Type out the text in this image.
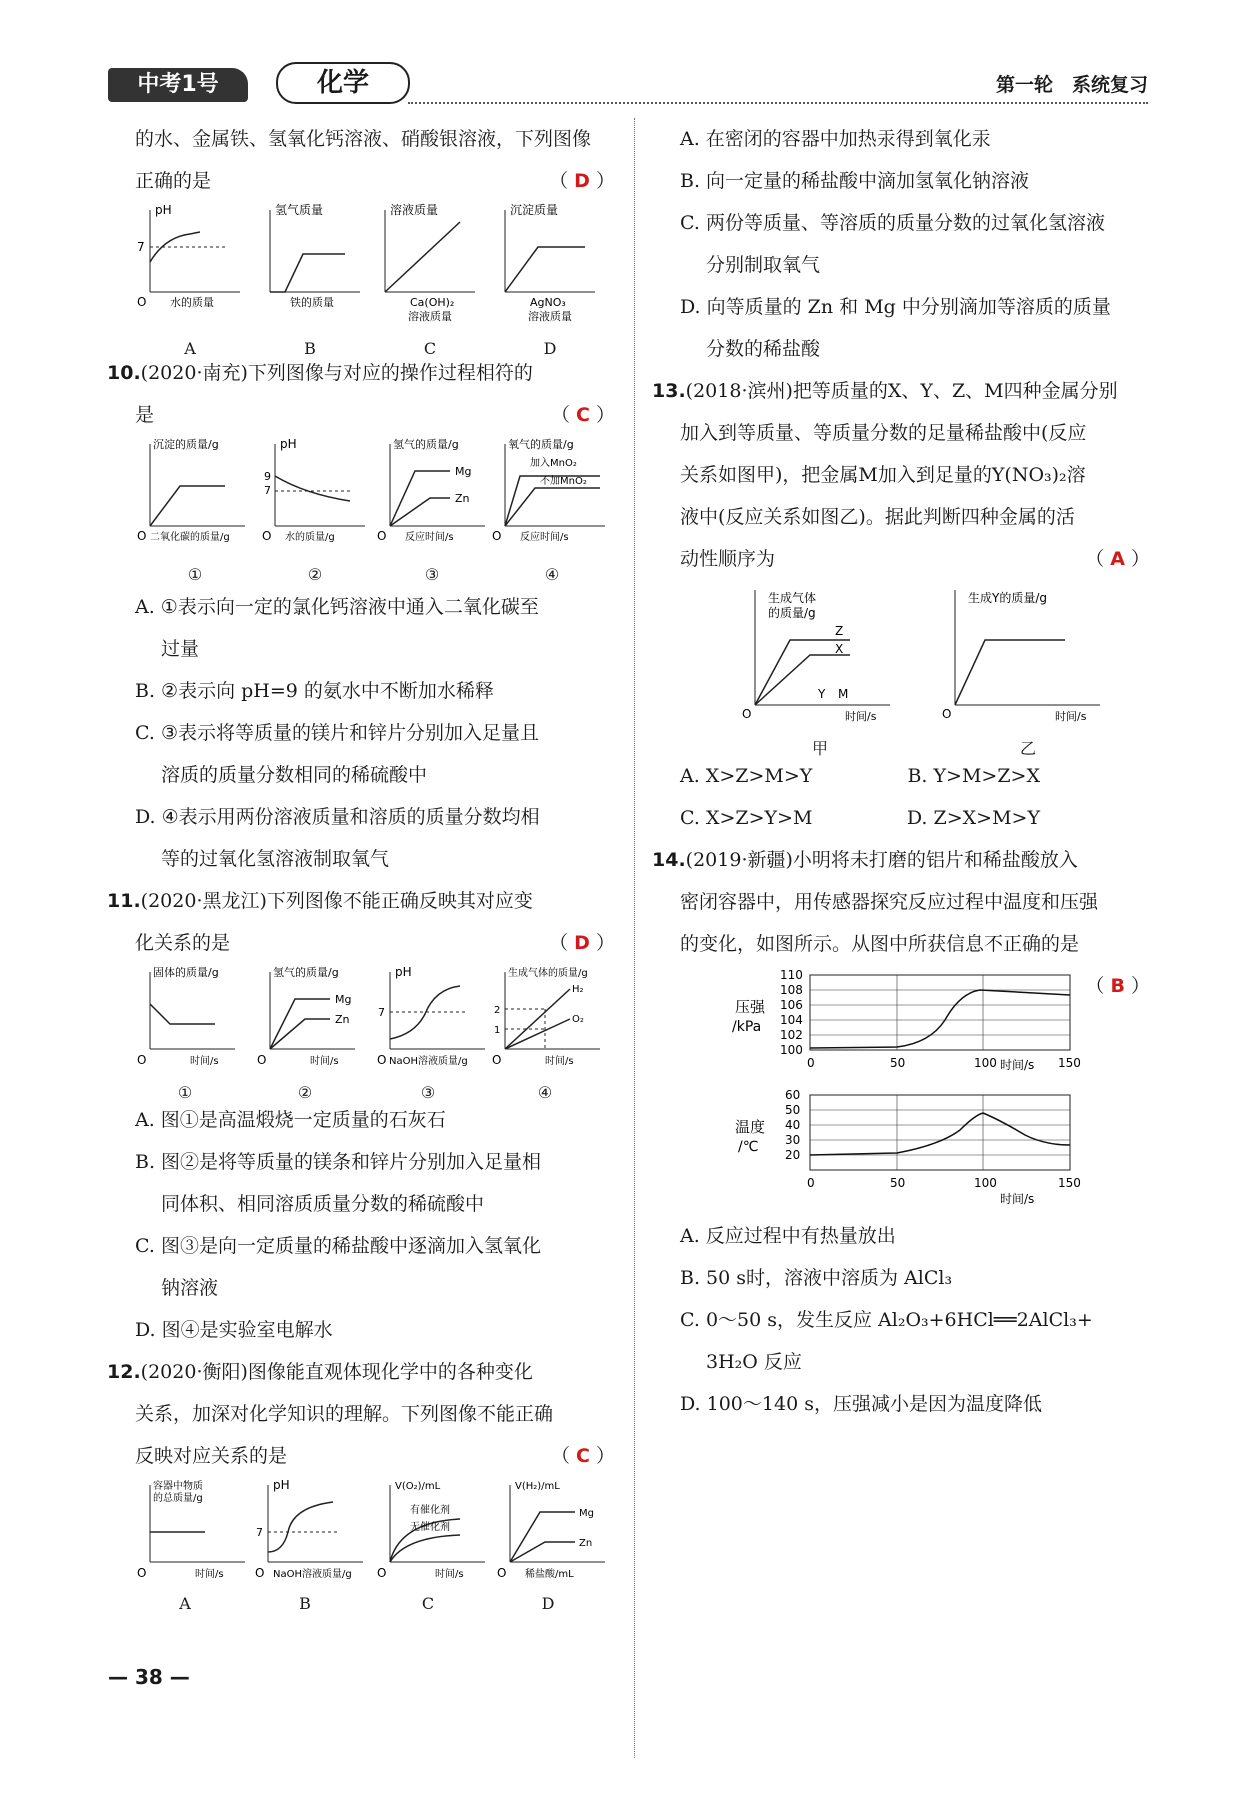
中考1号	化学	第一轮　系统复习

的水、金属铁、氢氧化钙溶液、硝酸银溶液，下列图像

正确的是	（ D ）

pH
7
O 水的质量
氢气质量
铁的质量
溶液质量
Ca(OH)₂
溶液质量
沉淀质量
AgNO₃
溶液质量
A	B	C	D

10.(2020·南充)下列图像与对应的操作过程相符的

是	（ C ）

沉淀的质量/g
O 二氧化碳的质量/g
pH
9
7
O 水的质量/g
氢气的质量/g
Mg
Zn
O 反应时间/s
氧气的质量/g
加入MnO₂
不加MnO₂
O 反应时间/s
①	②	③	④

A. ①表示向一定的氯化钙溶液中通入二氧化碳至

过量

B. ②表示向 pH=9 的氨水中不断加水稀释

C. ③表示将等质量的镁片和锌片分别加入足量且

溶质的质量分数相同的稀硫酸中

D. ④表示用两份溶液质量和溶质的质量分数均相

等的过氧化氢溶液制取氧气

11.(2020·黑龙江)下列图像不能正确反映其对应变

化关系的是	（ D ）

固体的质量/g
O	时间/s
氢气的质量/g
Mg
Zn
O	时间/s
pH
7
O NaOH溶液质量/g
生成气体的质量/g
H₂
O₂
2
1
O	时间/s
①	②	③	④

A. 图①是高温煅烧一定质量的石灰石

B. 图②是将等质量的镁条和锌片分别加入足量相

同体积、相同溶质质量分数的稀硫酸中

C. 图③是向一定质量的稀盐酸中逐滴加入氢氧化

钠溶液

D. 图④是实验室电解水

12.(2020·衡阳)图像能直观体现化学中的各种变化

关系，加深对化学知识的理解。下列图像不能正确

反映对应关系的是	（ C ）

容器中物质
的总质量/g
O	时间/s
pH
7
O NaOH溶液质量/g
V(O₂)/mL
有催化剂
无催化剂
O	时间/s
V(H₂)/mL
Mg
Zn
O 稀盐酸/mL
A	B	C	D

A. 在密闭的容器中加热汞得到氧化汞

B. 向一定量的稀盐酸中滴加氢氧化钠溶液

C. 两份等质量、等溶质的质量分数的过氧化氢溶液

分别制取氧气

D. 向等质量的 Zn 和 Mg 中分别滴加等溶质的质量

分数的稀盐酸

13.(2018·滨州)把等质量的X、Y、Z、M四种金属分别

加入到等质量、等质量分数的足量稀盐酸中(反应

关系如图甲)，把金属M加入到足量的Y(NO₃)₂溶

液中(反应关系如图乙)。据此判断四种金属的活

动性顺序为	（ A ）

生成气体
的质量/g
Z
X
Y M
O	时间/s
生成Y的质量/g
O	时间/s
甲	乙
A. X>Z>M>Y	B. Y>M>Z>X
C. X>Z>Y>M	D. Z>X>M>Y

14.(2019·新疆)小明将未打磨的铝片和稀盐酸放入

密闭容器中，用传感器探究反应过程中温度和压强

的变化，如图所示。从图中所获信息不正确的是

（ B ）

压强
/kPa
110
108
106
104
102
100
0	50	100	150
时间/s
温度
/℃
60
50
40
30
20
0	50	100	150
时间/s

A. 反应过程中有热量放出

B. 50 s时，溶液中溶质为 AlCl₃

C. 0～50 s，发生反应 Al₂O₃+6HCl══2AlCl₃+

3H₂O 反应

D. 100～140 s，压强减小是因为温度降低

— 38 —
